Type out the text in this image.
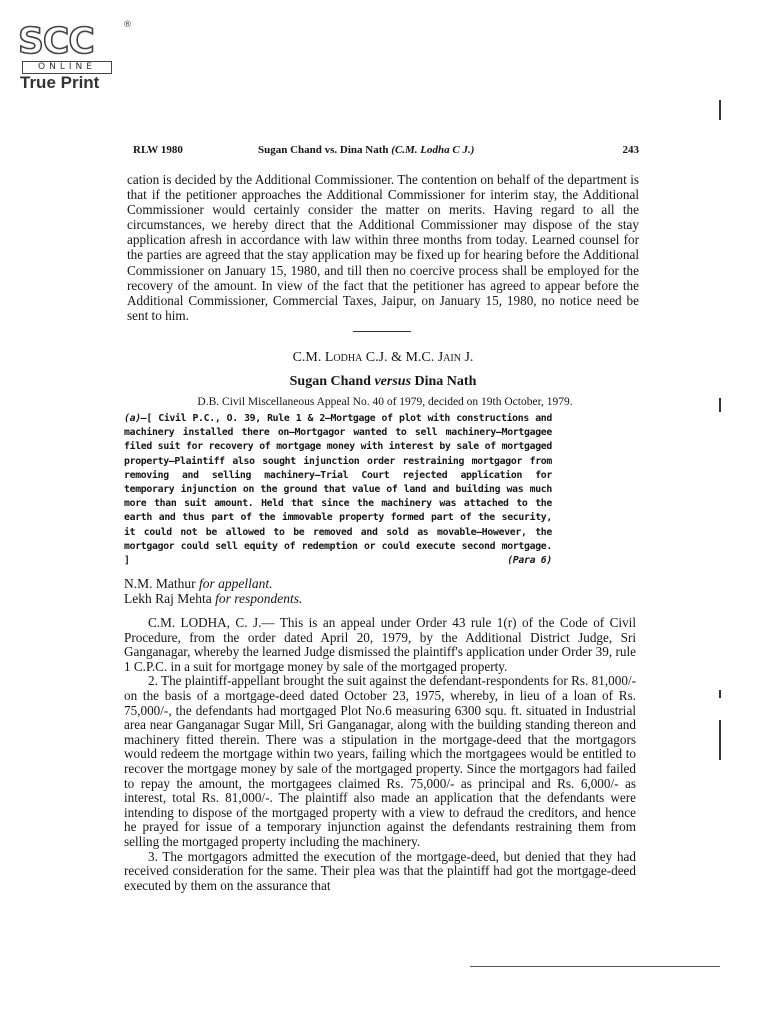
SCC	®
ONLINE
True Print
RLW 1980	Sugan Chand vs. Dina Nath (C.M. Lodha C J.)	243

cation is decided by the Additional Commissioner. The contention on behalf of the department is that if the petitioner approaches the Additional Commissioner for interim stay, the Additional Commissioner would certainly consider the matter on merits. Having regard to all the circumstances, we hereby direct that the Additional Commissioner may dispose of the stay application afresh in accordance with law within three months from today. Learned counsel for the parties are agreed that the stay application may be fixed up for hearing before the Additional Commissioner on January 15, 1980, and till then no coercive process shall be employed for the recovery of the amount. In view of the fact that the petitioner has agreed to appear before the Additional Commissioner, Commercial Taxes, Jaipur, on January 15, 1980, no notice need be sent to him.

C.M. Lodha C.J. & M.C. Jain J.
Sugan Chand versus Dina Nath
D.B. Civil Miscellaneous Appeal No. 40 of 1979, decided on 19th October, 1979.
(a)—[ Civil P.C., O. 39, Rule 1 & 2—Mortgage of plot with constructions and machinery installed there on—Mortgagor wanted to sell machinery—Mortgagee filed suit for recovery of mortgage money with interest by sale of mortgaged property—Plaintiff also sought injunction order restraining mortgagor from removing and selling machinery—Trial Court rejected application for temporary injunction on the ground that value of land and building was much more than suit amount. Held that since the machinery was attached to the earth and thus part of the immovable property formed part of the security, it could not be allowed to be removed and sold as movable—However, the mortgagor could sell equity of redemption or could execute second mortgage. ]	(Para 6)
N.M. Mathur for appellant.
Lekh Raj Mehta for respondents.

C.M. LODHA, C. J.— This is an appeal under Order 43 rule 1(r) of the Code of Civil Procedure, from the order dated April 20, 1979, by the Additional District Judge, Sri Ganganagar, whereby the learned Judge dismissed the plaintiff's application under Order 39, rule 1 C.P.C. in a suit for mortgage money by sale of the mortgaged property.

2. The plaintiff-appellant brought the suit against the defendant-respondents for Rs. 81,000/- on the basis of a mortgage-deed dated October 23, 1975, whereby, in lieu of a loan of Rs. 75,000/-, the defendants had mortgaged Plot No.6 measuring 6300 squ. ft. situated in Industrial area near Ganganagar Sugar Mill, Sri Ganganagar, along with the building standing thereon and machinery fitted therein. There was a stipulation in the mortgage-deed that the mortgagors would redeem the mortgage within two years, failing which the mortgagees would be entitled to recover the mortgage money by sale of the mortgaged property. Since the mortgagors had failed to repay the amount, the mortgagees claimed Rs. 75,000/- as principal and Rs. 6,000/- as interest, total Rs. 81,000/-. The plaintiff also made an application that the defendants were intending to dispose of the mortgaged property with a view to defraud the creditors, and hence he prayed for issue of a temporary injunction against the defendants restraining them from selling the mortgaged property including the machinery.

3. The mortgagors admitted the execution of the mortgage-deed, but denied that they had received consideration for the same. Their plea was that the plaintiff had got the mortgage-deed executed by them on the assurance that
